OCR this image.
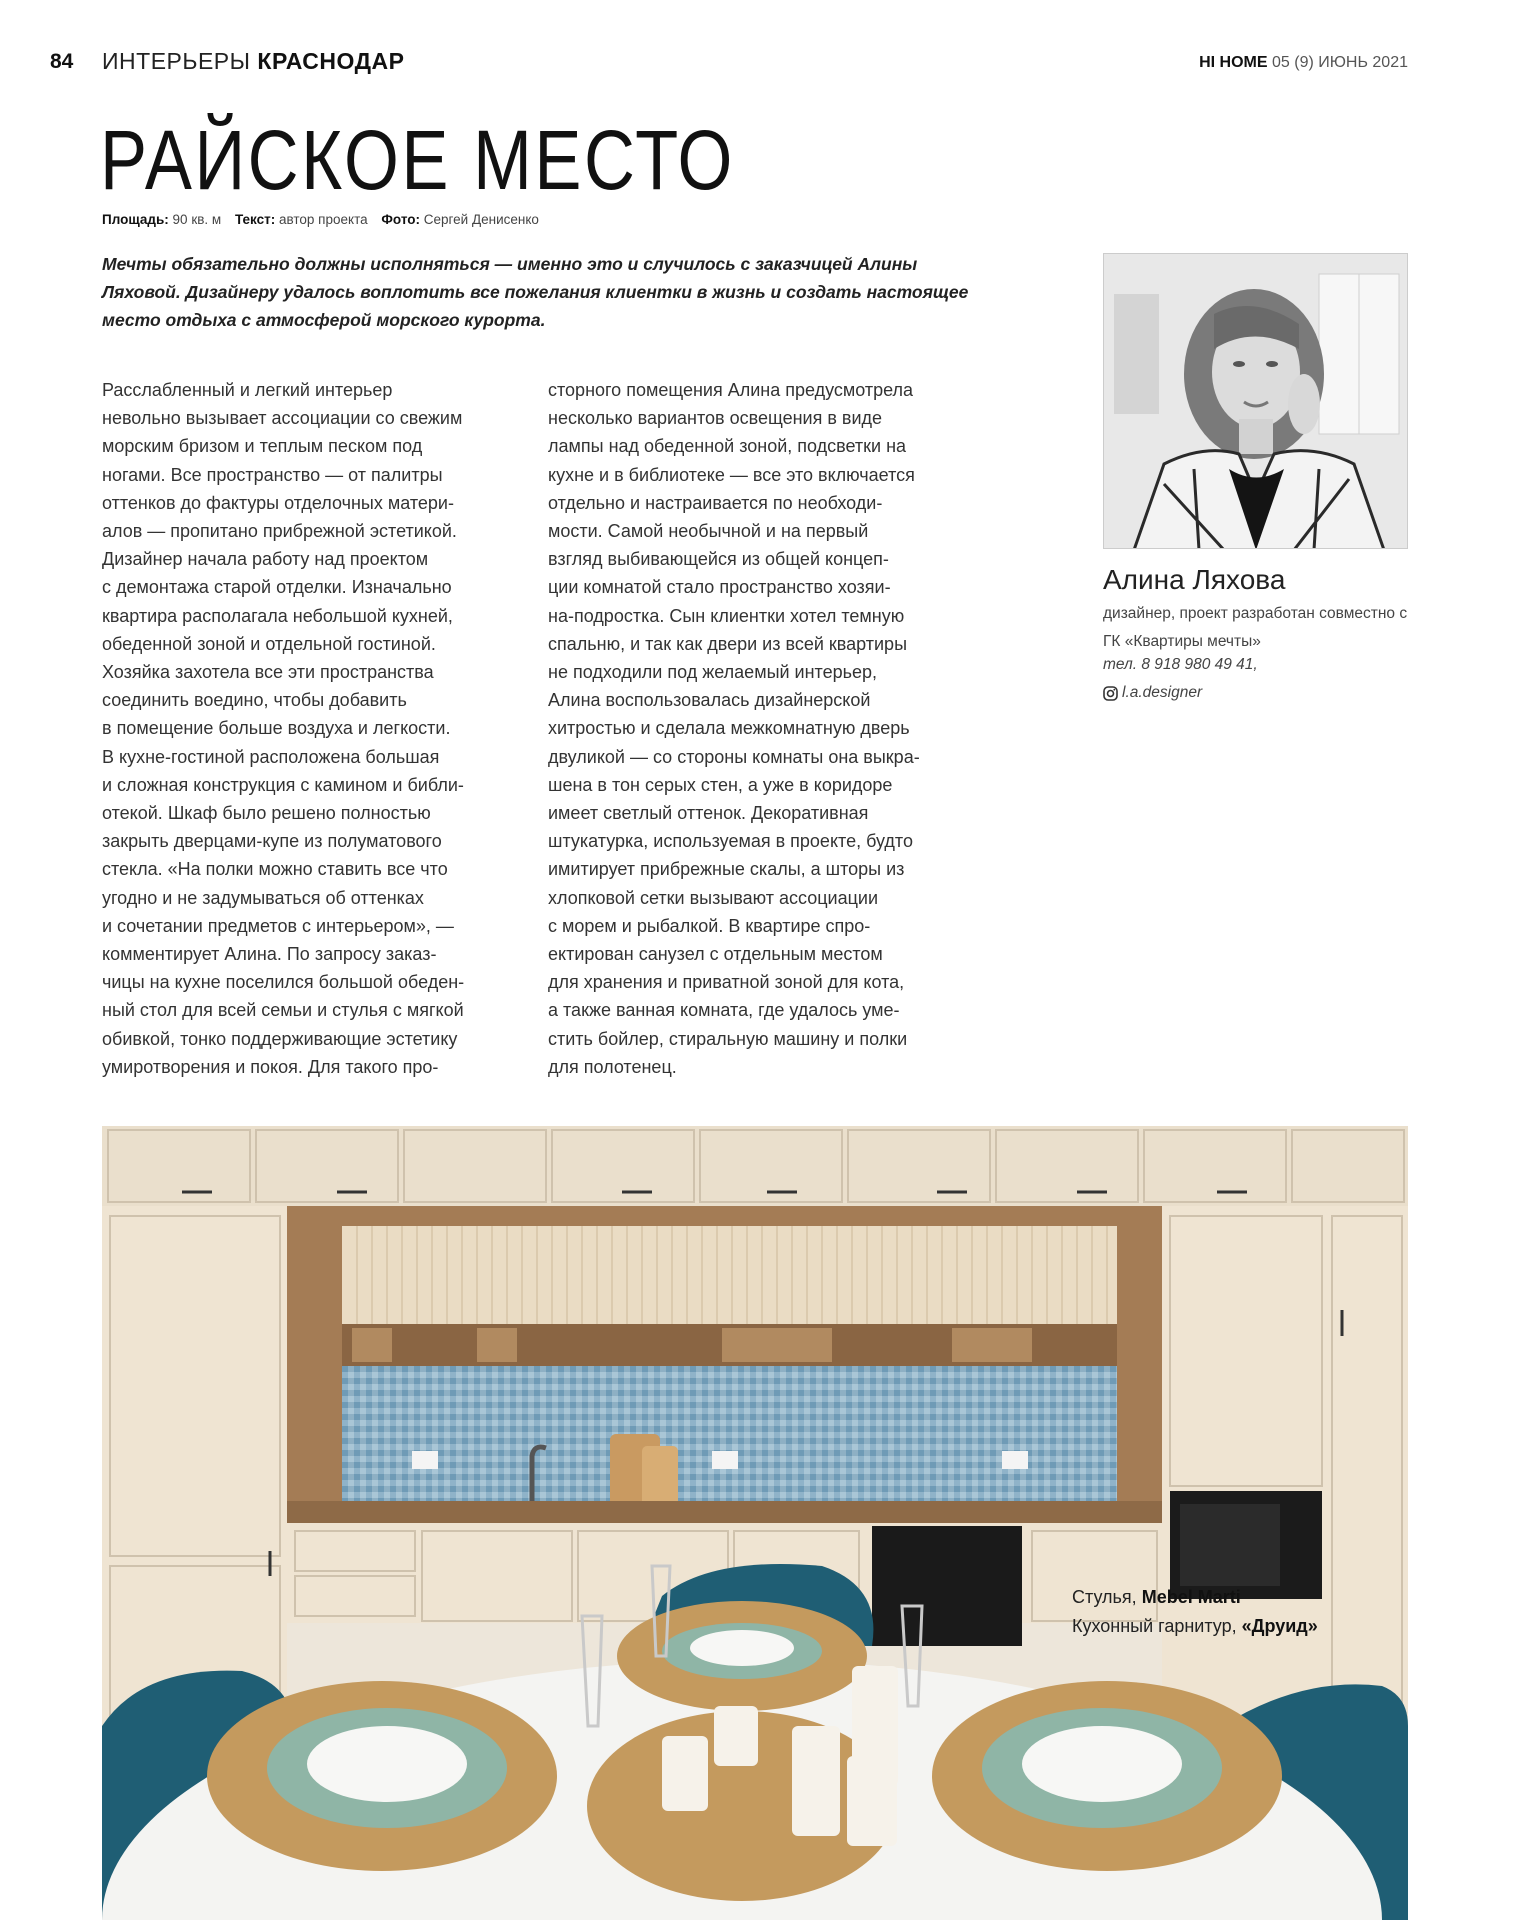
84 ИНТЕРЬЕРЫ КРАСНОДАР	HI HOME 05 (9) ИЮНЬ 2021
РАЙСКОЕ МЕСТО
Площадь: 90 кв. м Текст: автор проекта Фото: Сергей Денисенко
Мечты обязательно должны исполняться — именно это и случилось с заказчицей Алины Ляховой. Дизайнеру удалось воплотить все пожелания клиентки в жизнь и создать настоящее место отдыха с атмосферой морского курорта.
Расслабленный и легкий интерьер
невольно вызывает ассоциации со свежим
морским бризом и теплым песком под
ногами. Все пространство — от палитры
оттенков до фактуры отделочных матери-
алов — пропитано прибрежной эстетикой.
Дизайнер начала работу над проектом
с демонтажа старой отделки. Изначально
квартира располагала небольшой кухней,
обеденной зоной и отдельной гостиной.
Хозяйка захотела все эти пространства
соединить воедино, чтобы добавить
в помещение больше воздуха и легкости.
В кухне-гостиной расположена большая
и сложная конструкция с камином и библи-
отекой. Шкаф было решено полностью
закрыть дверцами-купе из полуматового
стекла. «На полки можно ставить все что
угодно и не задумываться об оттенках
и сочетании предметов с интерьером», —
комментирует Алина. По запросу заказ-
чицы на кухне поселился большой обеден-
ный стол для всей семьи и стулья с мягкой
обивкой, тонко поддерживающие эстетику
умиротворения и покоя. Для такого про-
сторного помещения Алина предусмотрела
несколько вариантов освещения в виде
лампы над обеденной зоной, подсветки на
кухне и в библиотеке — все это включается
отдельно и настраивается по необходи-
мости. Самой необычной и на первый
взгляд выбивающейся из общей концеп-
ции комнатой стало пространство хозяи-
на-подростка. Сын клиентки хотел темную
спальню, и так как двери из всей квартиры
не подходили под желаемый интерьер,
Алина воспользовалась дизайнерской
хитростью и сделала межкомнатную дверь
двуликой — со стороны комнаты она выкра-
шена в тон серых стен, а уже в коридоре
имеет светлый оттенок. Декоративная
штукатурка, используемая в проекте, будто
имитирует прибрежные скалы, а шторы из
хлопковой сетки вызывают ассоциации
с морем и рыбалкой. В квартире спро-
ектирован санузел с отдельным местом
для хранения и приватной зоной для кота,
а также ванная комната, где удалось уме-
стить бойлер, стиральную машину и полки
для полотенец.
Алина Ляхова
дизайнер, проект разработан совместно с ГК «Квартиры мечты»
тел. 8 918 980 49 41,
l.a.designer
Стулья, Mebel Marti
Кухонный гарнитур, «Друид»
